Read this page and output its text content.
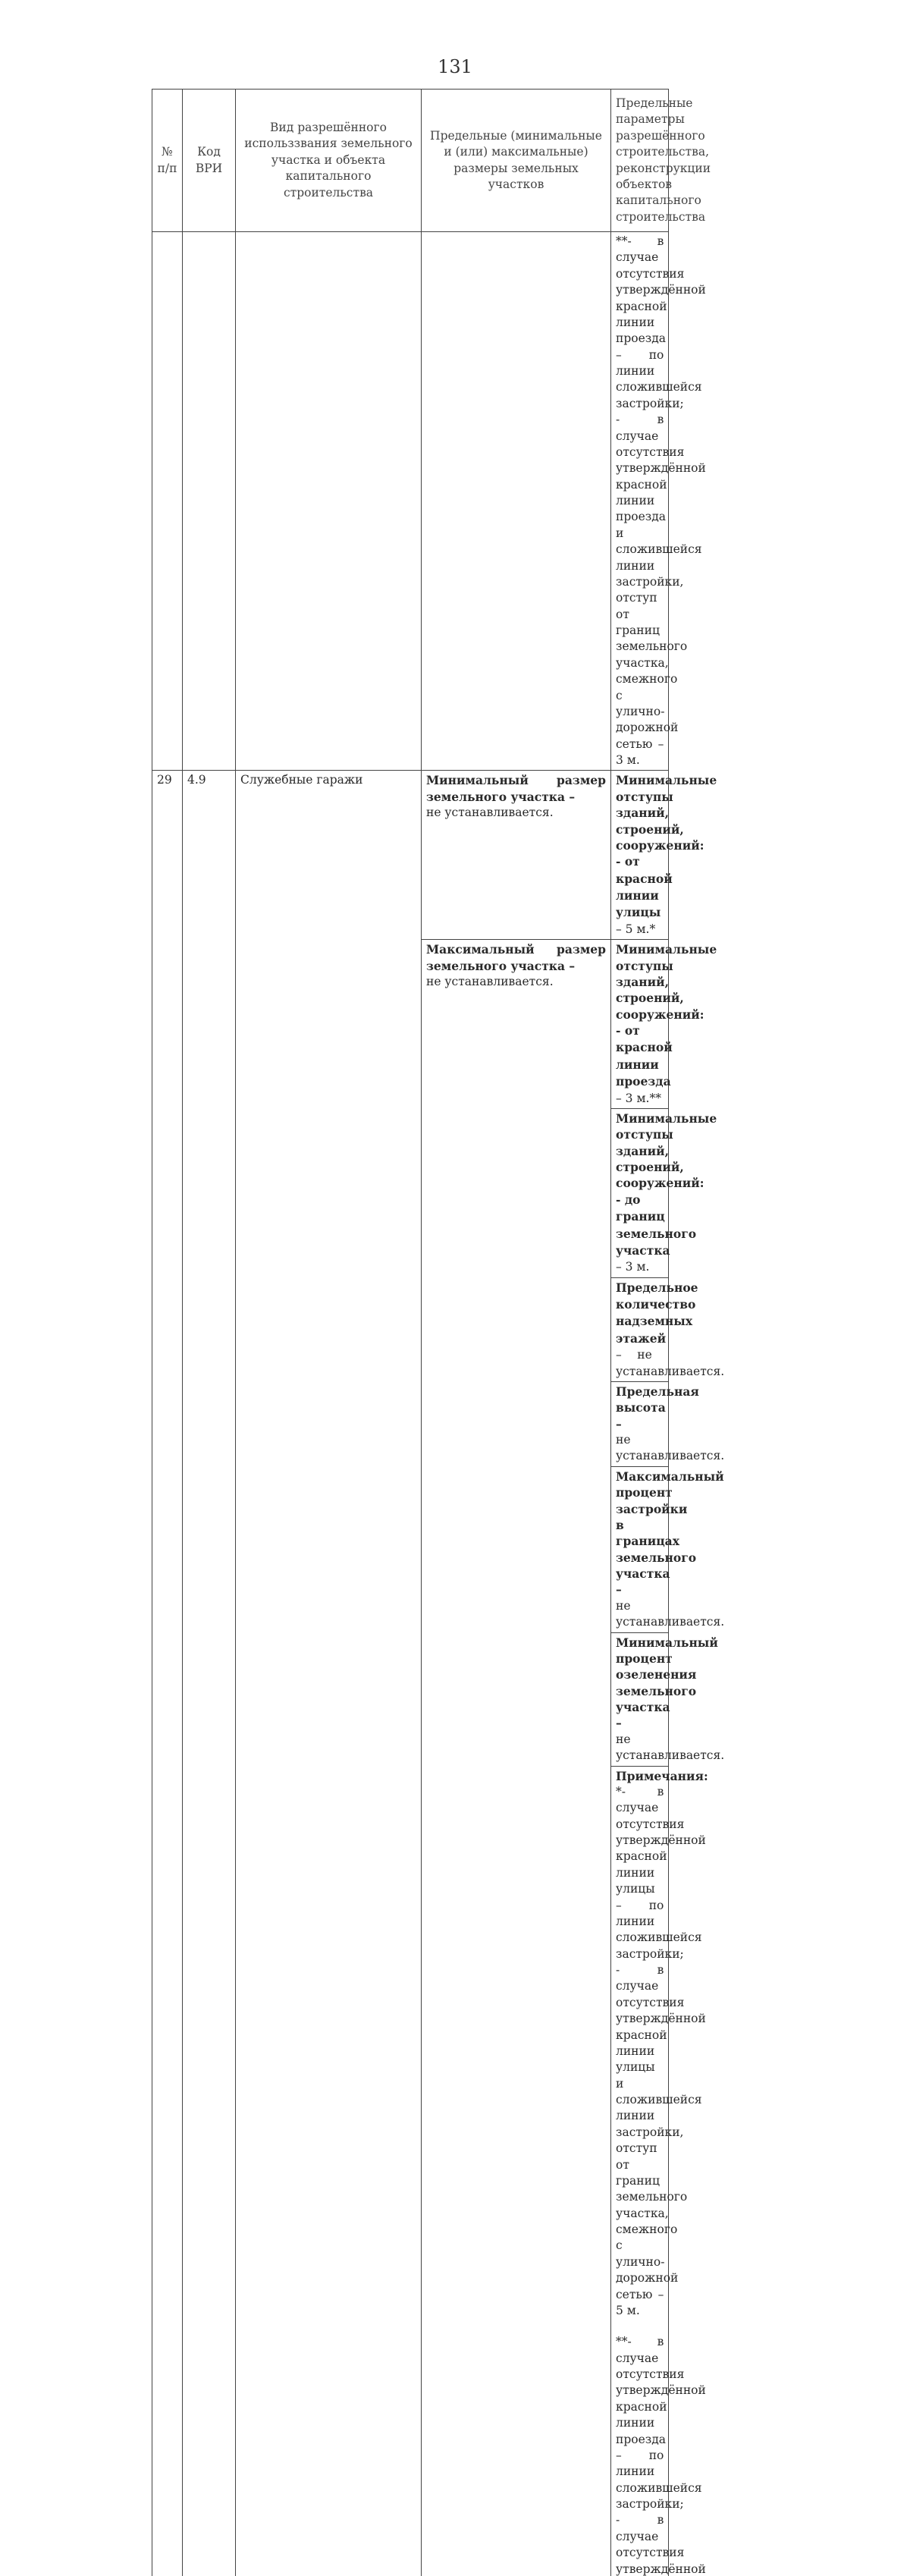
131
№ п/п	Код ВРИ	Вид разрешённого использзвания земельного участка и объекта капитального строительства	Предельные (минимальные и (или) максимальные) размеры земельных участков	Предельные параметры разрешённого строительства, реконструкции объектов капитального строительства				

				**- в случае отсутствия утверждённой красной линии проезда – по линии сложившейся застройки;
- в случае отсутствия утверждённой красной линии проезда и сложившейся линии застройки, отступ от границ земельного участка, смежного с улично-дорожной сетью – 3 м.				

29	4.9	Служебные гаражи	Минимальный размер земельного участка –
не устанавливается.	Минимальные отступы зданий, строений, сооружений:
- от красной линии улицы – 5 м.*				

			Максимальный размер земельного участка –
не устанавливается.	Минимальные отступы зданий, строений, сооружений:
- от красной линии проезда – 3 м.**				

				Минимальные отступы зданий, строений, сооружений:
- до границ земельного участка – 3 м.				
				Предельное количество надземных этажей – не устанавливается.				

				Предельная высота –
не устанавливается.				

				Максимальный процент застройки в границах земельного участка –
не устанавливается.				

				Минимальный процент озеленения земельного участка –
не устанавливается.				

				Примечания:
*- в случае отсутствия утверждённой красной линии улицы – по линии сложившейся застройки;
- в случае отсутствия утверждённой красной линии улицы и сложившейся линии застройки, отступ от границ земельного участка, смежного с улично-дорожной сетью – 5 м.
**- в случае отсутствия утверждённой красной линии проезда – по линии сложившейся застройки;
- в случае отсутствия утверждённой				
